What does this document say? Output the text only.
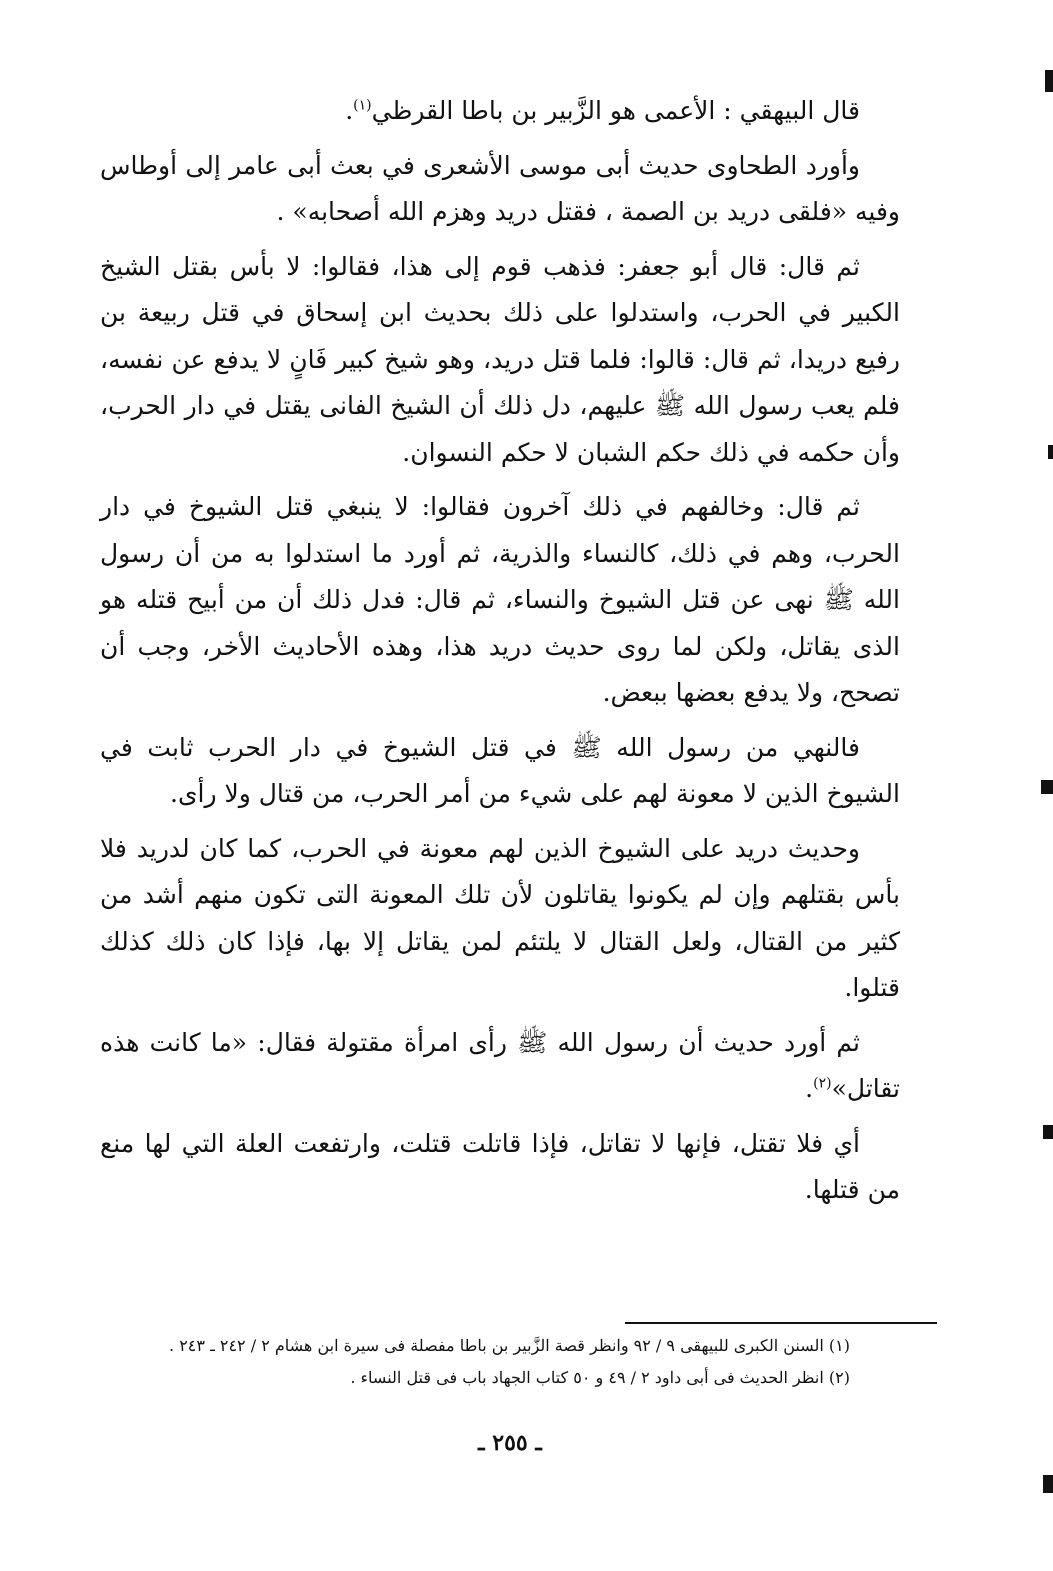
قال البيهقي : الأعمى هو الزَّبير بن باطا القرظي$^{(١)}$.

وأورد الطحاوى حديث أبى موسى الأشعرى في بعث أبى عامر إلى أوطاس وفيه «فلقى دريد بن الصمة ، فقتل دريد وهزم الله أصحابه» .

ثم قال: قال أبو جعفر: فذهب قوم إلى هذا، فقالوا: لا بأس بقتل الشيخ الكبير في الحرب، واستدلوا على ذلك بحديث ابن إسحاق في قتل ربيعة بن رفيع دريدا، ثم قال: قالوا: فلما قتل دريد، وهو شيخ كبير فَانٍ لا يدفع عن نفسه، فلم يعب رسول الله ﷺ عليهم، دل ذلك أن الشيخ الفانى يقتل في دار الحرب، وأن حكمه في ذلك حكم الشبان لا حكم النسوان.

ثم قال: وخالفهم في ذلك آخرون فقالوا: لا ينبغي قتل الشيوخ في دار الحرب، وهم في ذلك، كالنساء والذرية، ثم أورد ما استدلوا به من أن رسول الله ﷺ نهى عن قتل الشيوخ والنساء، ثم قال: فدل ذلك أن من أبيح قتله هو الذى يقاتل، ولكن لما روى حديث دريد هذا، وهذه الأحاديث الأخر، وجب أن تصحح، ولا يدفع بعضها ببعض.

فالنهي من رسول الله ﷺ في قتل الشيوخ في دار الحرب ثابت في الشيوخ الذين لا معونة لهم على شيء من أمر الحرب، من قتال ولا رأى.

وحديث دريد على الشيوخ الذين لهم معونة في الحرب، كما كان لدريد فلا بأس بقتلهم وإن لم يكونوا يقاتلون لأن تلك المعونة التى تكون منهم أشد من كثير من القتال، ولعل القتال لا يلتئم لمن يقاتل إلا بها، فإذا كان ذلك كذلك قتلوا.

ثم أورد حديث أن رسول الله ﷺ رأى امرأة مقتولة فقال: «ما كانت هذه تقاتل»$^{(٢)}$.

أي فلا تقتل، فإنها لا تقاتل، فإذا قاتلت قتلت، وارتفعت العلة التي لها منع من قتلها.

(١) السنن الكبرى للبيهقى ٩ / ٩٢ وانظر قصة الزَّبير بن باطا مفصلة فى سيرة ابن هشام ٢ / ٢٤٢ ـ ٢٤٣ .

(٢) انظر الحديث فى أبى داود ٢ / ٤٩ و ٥٠ كتاب الجهاد باب فى قتل النساء .

ـ ٢٥٥ ـ
